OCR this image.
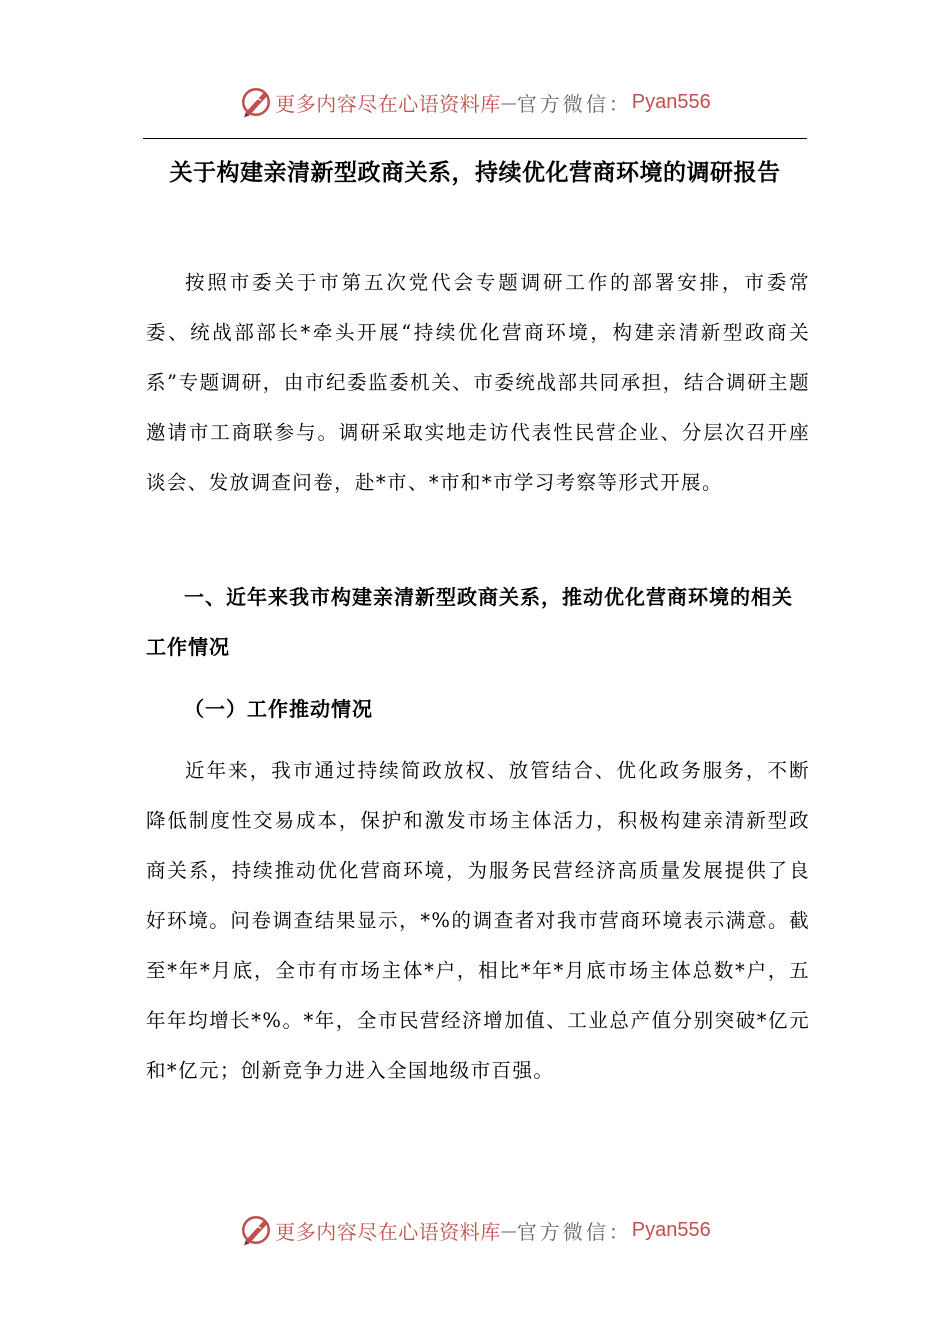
更多内容尽在心语资料库 — 官方微信： Pyan556
关于构建亲清新型政商关系，持续优化营商环境的调研报告

按照市委关于市第五次党代会专题调研工作的部署安排，市委常委、统战部部长*牵头开展“持续优化营商环境，构建亲清新型政商关系”专题调研，由市纪委监委机关、市委统战部共同承担，结合调研主题邀请市工商联参与。调研采取实地走访代表性民营企业、分层次召开座谈会、发放调查问卷，赴*市、*市和*市学习考察等形式开展。

一、近年来我市构建亲清新型政商关系，推动优化营商环境的相关工作情况
（一）工作推动情况

近年来，我市通过持续简政放权、放管结合、优化政务服务，不断降低制度性交易成本，保护和激发市场主体活力，积极构建亲清新型政商关系，持续推动优化营商环境，为服务民营经济高质量发展提供了良好环境。问卷调查结果显示，*%的调查者对我市营商环境表示满意。截至*年*月底，全市有市场主体*户，相比*年*月底市场主体总数*户，五年年均增长*%。*年，全市民营经济增加值、工业总产值分别突破*亿元和*亿元；创新竞争力进入全国地级市百强。

更多内容尽在心语资料库 — 官方微信： Pyan556
